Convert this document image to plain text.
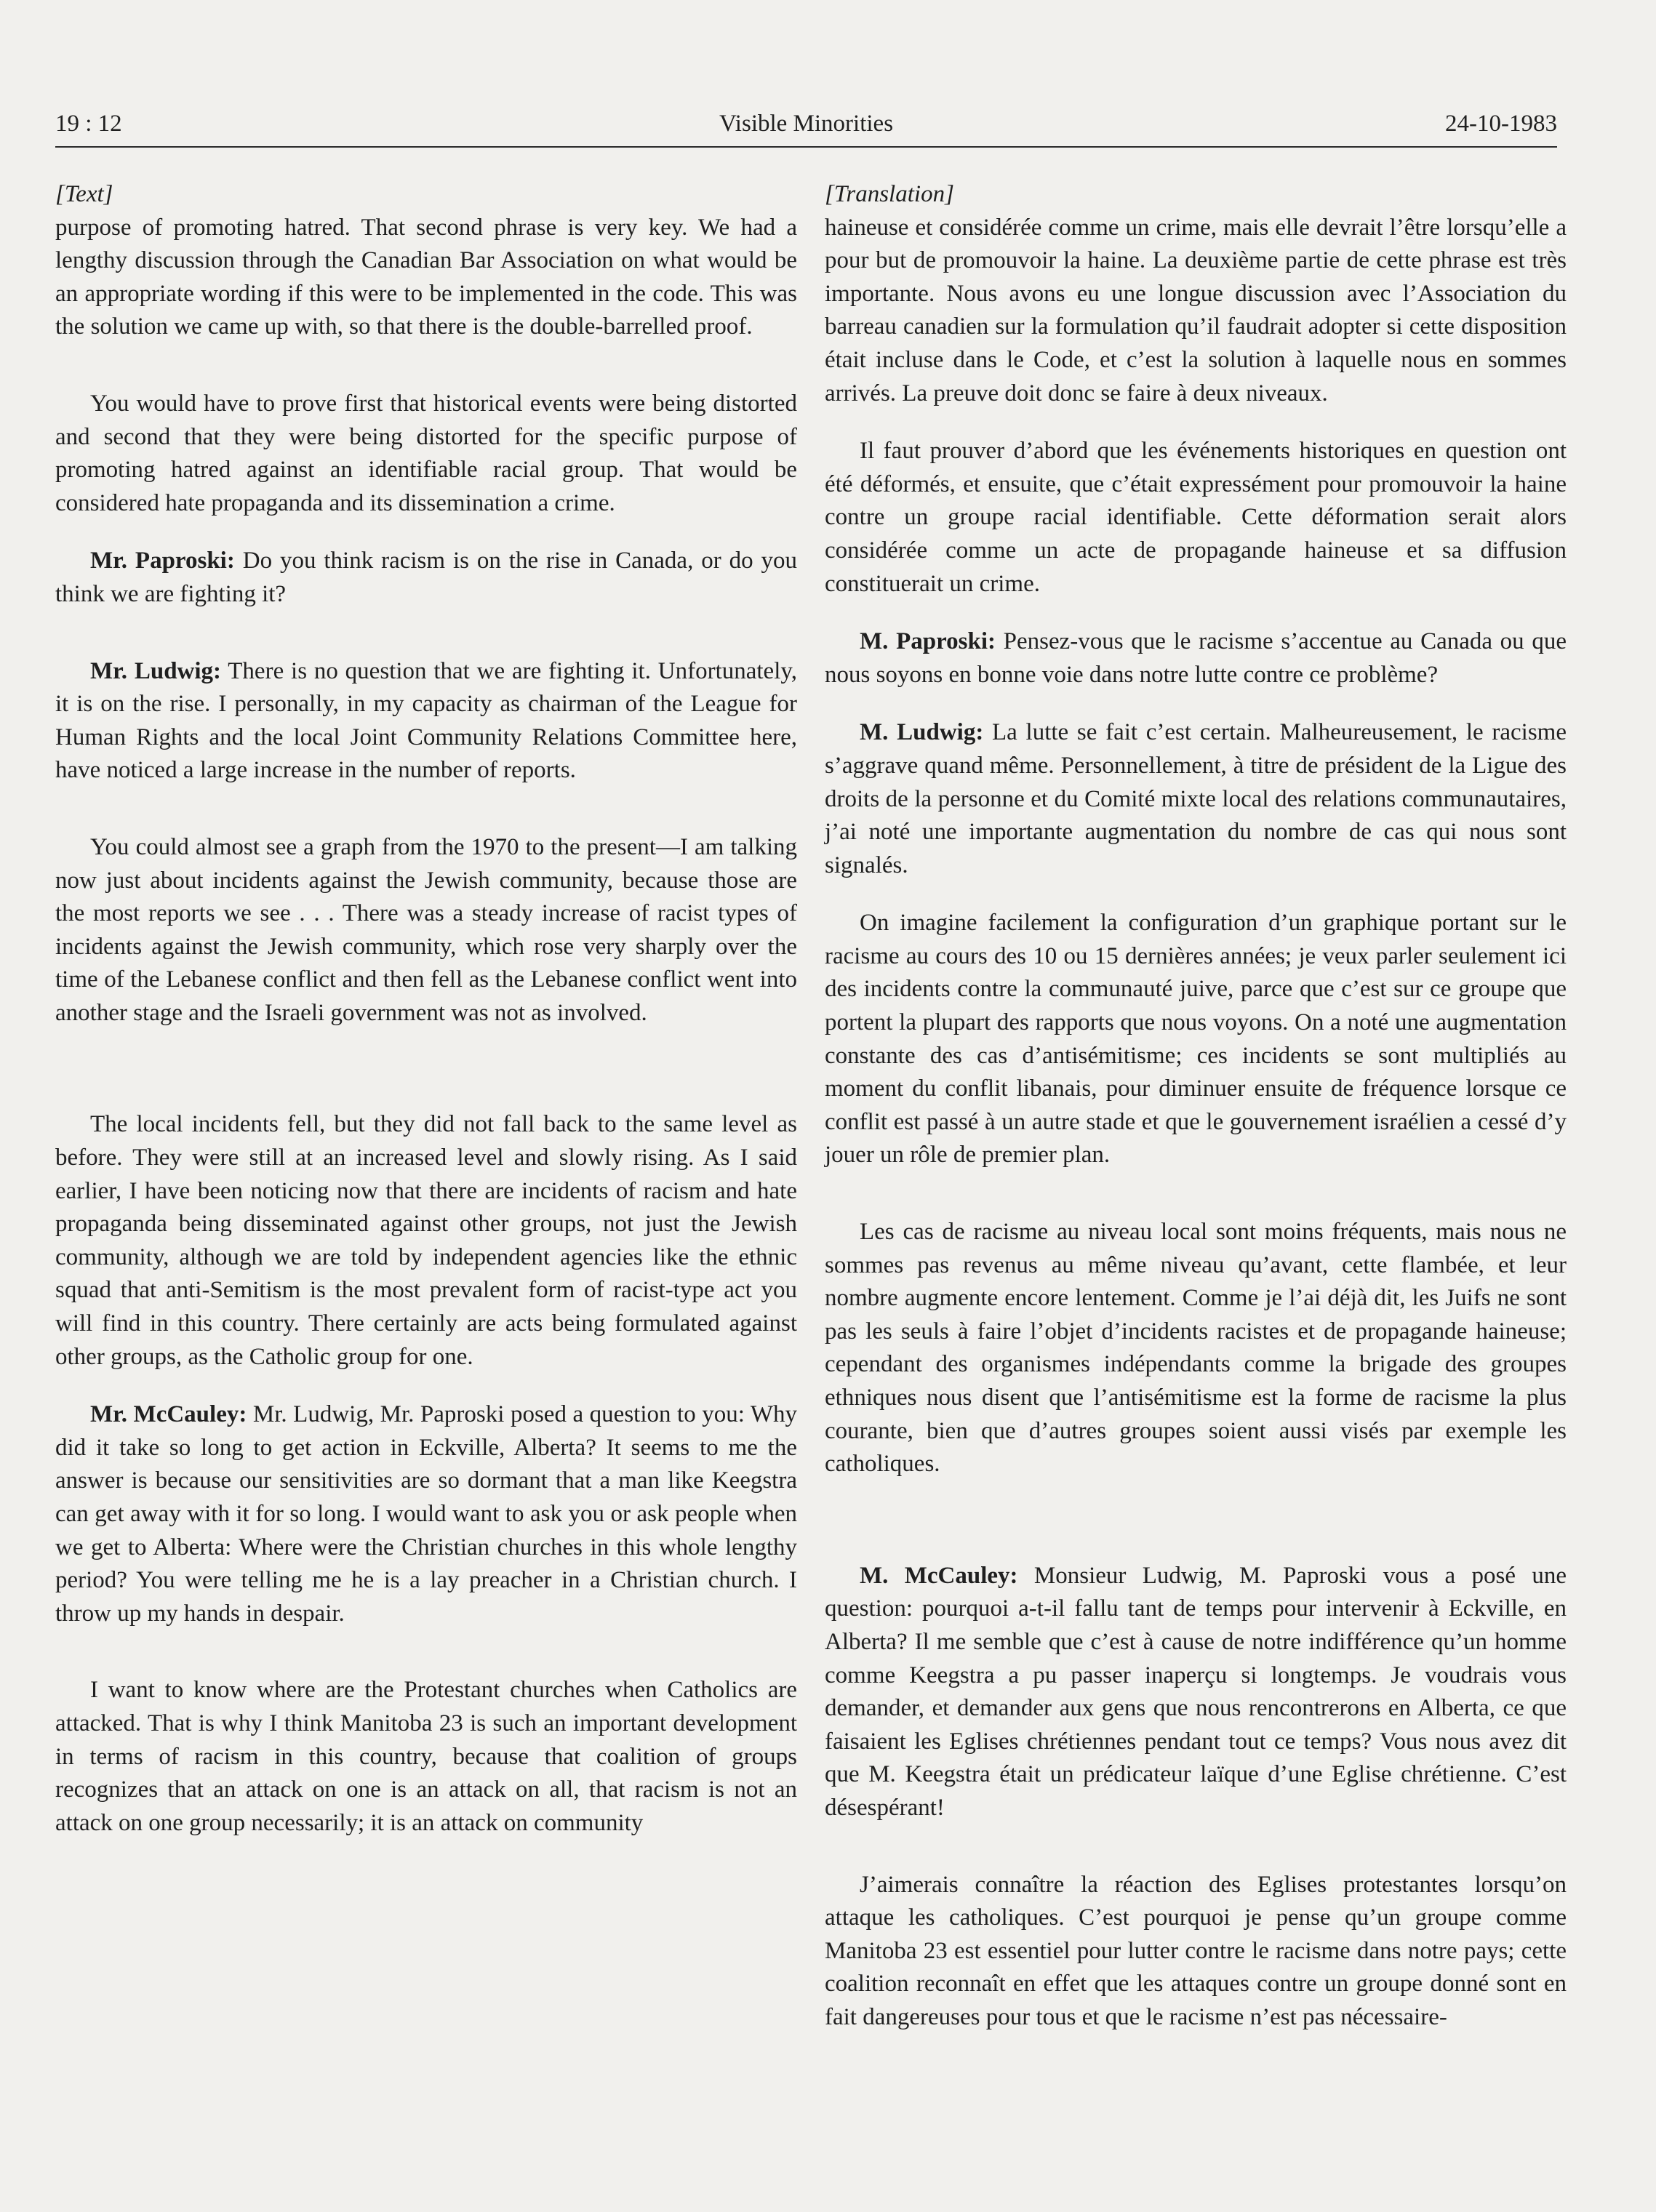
19 : 12	Visible Minorities	24-10-1983

[Text]

purpose of promoting hatred. That second phrase is very key. We had a lengthy discussion through the Canadian Bar Association on what would be an appropriate wording if this were to be implemented in the code. This was the solution we came up with, so that there is the double-barrelled proof.

You would have to prove first that historical events were being distorted and second that they were being distorted for the specific purpose of promoting hatred against an identifiable racial group. That would be considered hate propaganda and its dissemination a crime.

Mr. Paproski: Do you think racism is on the rise in Canada, or do you think we are fighting it?

Mr. Ludwig: There is no question that we are fighting it. Unfortunately, it is on the rise. I personally, in my capacity as chairman of the League for Human Rights and the local Joint Community Relations Committee here, have noticed a large increase in the number of reports.

You could almost see a graph from the 1970 to the present—I am talking now just about incidents against the Jewish community, because those are the most reports we see . . . There was a steady increase of racist types of incidents against the Jewish community, which rose very sharply over the time of the Lebanese conflict and then fell as the Lebanese conflict went into another stage and the Israeli government was not as involved.

The local incidents fell, but they did not fall back to the same level as before. They were still at an increased level and slowly rising. As I said earlier, I have been noticing now that there are incidents of racism and hate propaganda being disseminated against other groups, not just the Jewish community, although we are told by independent agencies like the ethnic squad that anti-Semitism is the most prevalent form of racist-type act you will find in this country. There certainly are acts being formulated against other groups, as the Catholic group for one.

Mr. McCauley: Mr. Ludwig, Mr. Paproski posed a question to you: Why did it take so long to get action in Eckville, Alberta? It seems to me the answer is because our sensitivities are so dormant that a man like Keegstra can get away with it for so long. I would want to ask you or ask people when we get to Alberta: Where were the Christian churches in this whole lengthy period? You were telling me he is a lay preacher in a Christian church. I throw up my hands in despair.

I want to know where are the Protestant churches when Catholics are attacked. That is why I think Manitoba 23 is such an important development in terms of racism in this country, because that coalition of groups recognizes that an attack on one is an attack on all, that racism is not an attack on one group necessarily; it is an attack on community

[Translation]

haineuse et considérée comme un crime, mais elle devrait l’être lorsqu’elle a pour but de promouvoir la haine. La deuxième partie de cette phrase est très importante. Nous avons eu une longue discussion avec l’Association du barreau canadien sur la formulation qu’il faudrait adopter si cette disposition était incluse dans le Code, et c’est la solution à laquelle nous en sommes arrivés. La preuve doit donc se faire à deux niveaux.

Il faut prouver d’abord que les événements historiques en question ont été déformés, et ensuite, que c’était expressément pour promouvoir la haine contre un groupe racial identifiable. Cette déformation serait alors considérée comme un acte de propagande haineuse et sa diffusion constituerait un crime.

M. Paproski: Pensez-vous que le racisme s’accentue au Canada ou que nous soyons en bonne voie dans notre lutte contre ce problème?

M. Ludwig: La lutte se fait c’est certain. Malheureusement, le racisme s’aggrave quand même. Personnellement, à titre de président de la Ligue des droits de la personne et du Comité mixte local des relations communautaires, j’ai noté une importante augmentation du nombre de cas qui nous sont signalés.

On imagine facilement la configuration d’un graphique portant sur le racisme au cours des 10 ou 15 dernières années; je veux parler seulement ici des incidents contre la communauté juive, parce que c’est sur ce groupe que portent la plupart des rapports que nous voyons. On a noté une augmentation constante des cas d’antisémitisme; ces incidents se sont multipliés au moment du conflit libanais, pour diminuer ensuite de fréquence lorsque ce conflit est passé à un autre stade et que le gouvernement israélien a cessé d’y jouer un rôle de premier plan.

Les cas de racisme au niveau local sont moins fréquents, mais nous ne sommes pas revenus au même niveau qu’avant, cette flambée, et leur nombre augmente encore lentement. Comme je l’ai déjà dit, les Juifs ne sont pas les seuls à faire l’objet d’incidents racistes et de propagande haineuse; cependant des organismes indépendants comme la brigade des groupes ethniques nous disent que l’antisémitisme est la forme de racisme la plus courante, bien que d’autres groupes soient aussi visés par exemple les catholiques.

M. McCauley: Monsieur Ludwig, M. Paproski vous a posé une question: pourquoi a-t-il fallu tant de temps pour intervenir à Eckville, en Alberta? Il me semble que c’est à cause de notre indifférence qu’un homme comme Keegstra a pu passer inaperçu si longtemps. Je voudrais vous demander, et demander aux gens que nous rencontrerons en Alberta, ce que faisaient les Eglises chrétiennes pendant tout ce temps? Vous nous avez dit que M. Keegstra était un prédicateur laïque d’une Eglise chrétienne. C’est désespérant!

J’aimerais connaître la réaction des Eglises protestantes lorsqu’on attaque les catholiques. C’est pourquoi je pense qu’un groupe comme Manitoba 23 est essentiel pour lutter contre le racisme dans notre pays; cette coalition reconnaît en effet que les attaques contre un groupe donné sont en fait dangereuses pour tous et que le racisme n’est pas nécessaire-
